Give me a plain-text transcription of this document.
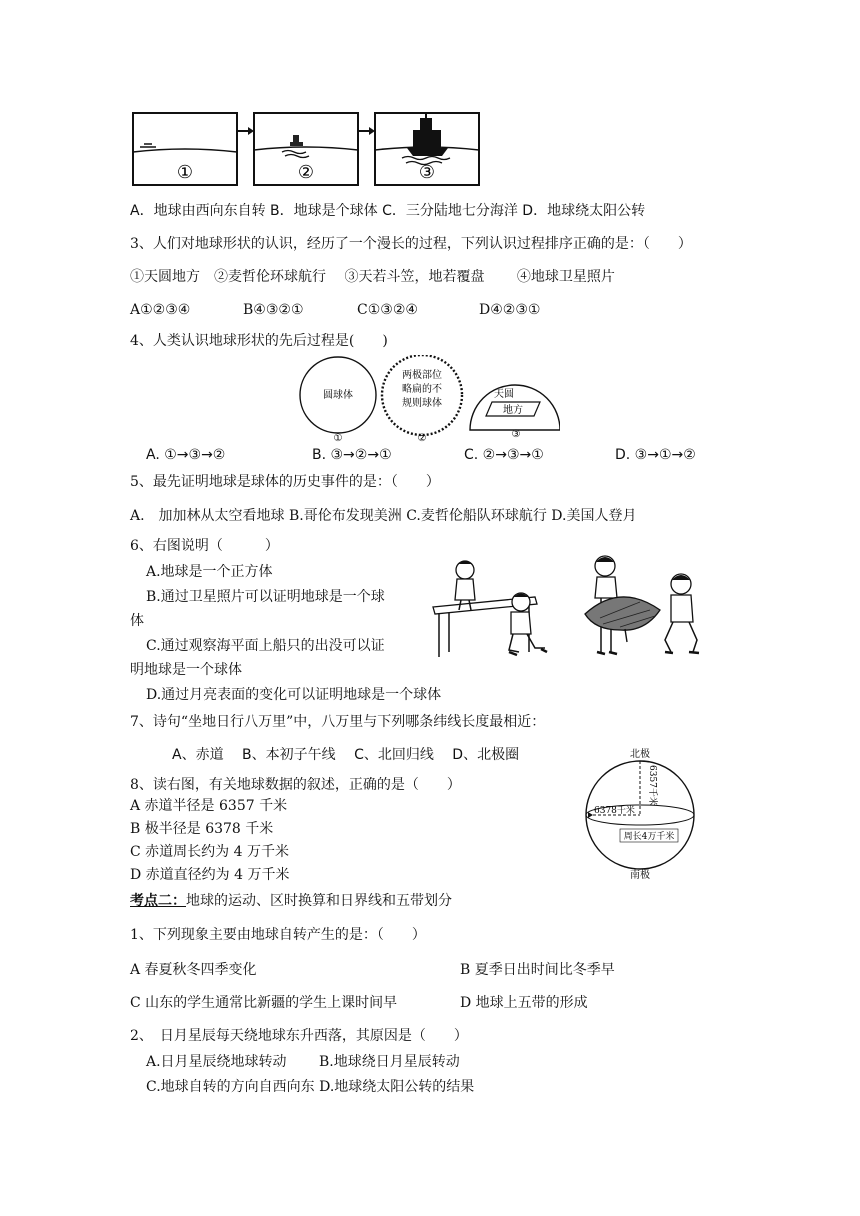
①	②	③
A．地球由西向东自转 B．地球是个球体 C．三分陆地七分海洋 D．地球绕太阳公转
3、人们对地球形状的认识，经历了一个漫长的过程，下列认识过程排序正确的是：（　　）
①天圆地方　②麦哲伦环球航行　 ③天若斗笠，地若覆盘　　 ④地球卫星照片
A①②③④	B④③②①	C①③②④	D④②③①
4、人类认识地球形状的先后过程是(　　)
圆球体
两极部位
略扁的不
规则球体
天圆
地方
①	②	③
A. ①→③→②	B. ③→②→①	C. ②→③→①	D. ③→①→②
5、最先证明地球是球体的历史事件的是：（　　）
A.　加加林从太空看地球 B.哥伦布发现美洲 C.麦哲伦船队环球航行 D.美国人登月
6、右图说明（　　　）
A.地球是一个正方体
B.通过卫星照片可以证明地球是一个球
体
C.通过观察海平面上船只的出没可以证
明地球是一个球体
D.通过月亮表面的变化可以证明地球是一个球体
7、诗句“坐地日行八万里”中，八万里与下列哪条纬线长度最相近：
A、赤道　 B、本初子午线　 C、北回归线　 D、北极圈
8、读右图，有关地球数据的叙述，正确的是（　　）
A 赤道半径是 6357 千米
B 极半径是 6378 千米
C 赤道周长约为 4 万千米
D 赤道直径约为 4 万千米
北极
6357千米
6378千米
周长4万千米
南极
考点二：地球的运动、区时换算和日界线和五带划分
1、下列现象主要由地球自转产生的是：（　　）
A 春夏秋冬四季变化	B 夏季日出时间比冬季早
C 山东的学生通常比新疆的学生上课时间早	D 地球上五带的形成
2、　日月星辰每天绕地球东升西落，其原因是（　　）
A.日月星辰绕地球转动　　 B.地球绕日月星辰转动
C.地球自转的方向自西向东 D.地球绕太阳公转的结果
